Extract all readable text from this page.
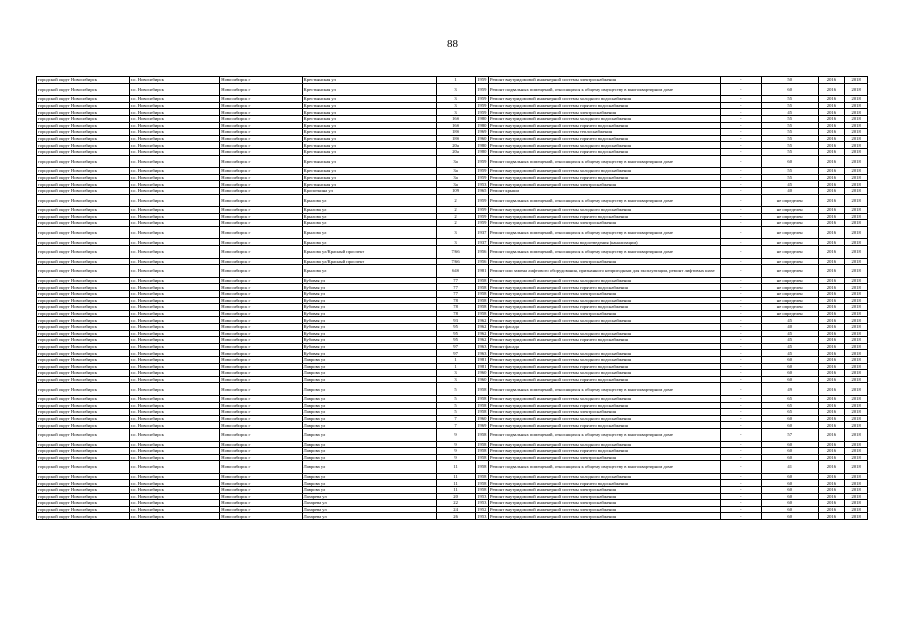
88
городской округ Новосибирск	г.о. Новосибирск	Новосибирск г	Крестьянская ул	1	1959	Ремонт внутридомовой инженерной системы электроснабжения	-	50	2016	2018
городской округ Новосибирск	г.о. Новосибирск	Новосибирск г	Крестьянская ул	3	1959	Ремонт подвальных помещений, относящихся к общему имуществу в многоквартирном доме	-	60	2016	2018
городской округ Новосибирск	г.о. Новосибирск	Новосибирск г	Крестьянская ул	3	1959	Ремонт внутридомовой инженерной системы холодного водоснабжения	-	55	2016	2018
городской округ Новосибирск	г.о. Новосибирск	Новосибирск г	Крестьянская ул	3	1959	Ремонт внутридомовой инженерной системы горячего водоснабжения	-	55	2016	2018
городской округ Новосибирск	г.о. Новосибирск	Новосибирск г	Крестьянская ул	3	1959	Ремонт внутридомовой инженерной системы электроснабжения	-	45	2016	2018
городской округ Новосибирск	г.о. Новосибирск	Новосибирск г	Крестьянская ул	16б	1980	Ремонт внутридомовой инженерной системы холодного водоснабжения	-	55	2016	2018
городской округ Новосибирск	г.о. Новосибирск	Новосибирск г	Крестьянская ул	16б	1980	Ремонт внутридомовой инженерной системы горячего водоснабжения	-	55	2016	2018
городской округ Новосибирск	г.о. Новосибирск	Новосибирск г	Крестьянская ул	18б	1969	Ремонт внутридомовой инженерной системы теплоснабжения	-	55	2016	2018
городской округ Новосибирск	г.о. Новосибирск	Новосибирск г	Крестьянская ул	18б	1960	Ремонт внутридомовой инженерной системы горячего водоснабжения	-	55	2016	2018
городской округ Новосибирск	г.о. Новосибирск	Новосибирск г	Крестьянская ул	20а	1980	Ремонт внутридомовой инженерной системы холодного водоснабжения	-	55	2016	2018
городской округ Новосибирск	г.о. Новосибирск	Новосибирск г	Крестьянская ул	20а	1980	Ремонт внутридомовой инженерной системы горячего водоснабжения	-	55	2016	2018
городской округ Новосибирск	г.о. Новосибирск	Новосибирск г	Крестьянская ул	3а	1959	Ремонт подвальных помещений, относящихся к общему имуществу в многоквартирном доме	-	60	2016	2018
городской округ Новосибирск	г.о. Новосибирск	Новосибирск г	Крестьянская ул	3а	1959	Ремонт внутридомовой инженерной системы холодного водоснабжения	-	55	2016	2018
городской округ Новосибирск	г.о. Новосибирск	Новосибирск г	Крестьянская ул	3а	1959	Ремонт внутридомовой инженерной системы горячего водоснабжения	-	55	2016	2018
городской округ Новосибирск	г.о. Новосибирск	Новосибирск г	Крестьянская ул	3а	1953	Ремонт внутридомовой инженерной системы электроснабжения	-	45	2016	2018
городской округ Новосибирск	г.о. Новосибирск	Новосибирск г	Кропоткина ул	109	1965	Ремонт крыши	-	40	2016	2018
городской округ Новосибирск	г.о. Новосибирск	Новосибирск г	Крылова ул	2	1959	Ремонт подвальных помещений, относящихся к общему имуществу в многоквартирном доме	-	не определен	2016	2018
городской округ Новосибирск	г.о. Новосибирск	Новосибирск г	Крылова ул	2	1959	Ремонт внутридомовой инженерной системы холодного водоснабжения	-	не определен	2016	2018
городской округ Новосибирск	г.о. Новосибирск	Новосибирск г	Крылова ул	2	1959	Ремонт внутридомовой инженерной системы горячего водоснабжения	-	не определен	2016	2018
городской округ Новосибирск	г.о. Новосибирск	Новосибирск г	Крылова ул	2	1959	Ремонт внутридомовой инженерной системы электроснабжения	-	не определен	2016	2018
городской округ Новосибирск	г.о. Новосибирск	Новосибирск г	Крылова ул	3	1937	Ремонт подвальных помещений, относящихся к общему имуществу в многоквартирном доме	-	не определен	2016	2018
городской округ Новосибирск	г.о. Новосибирск	Новосибирск г	Крылова ул	3	1937	Ремонт внутридомовой инженерной системы водоотведения (канализации)	-	не определен	2016	2018
городской округ Новосибирск	г.о. Новосибирск	Новосибирск г	Крылова ул/Красный проспект	7/66	1956	Ремонт подвальных помещений, относящихся к общему имуществу в многоквартирном доме	-	не определен	2016	2018
городской округ Новосибирск	г.о. Новосибирск	Новосибирск г	Крылова ул/Красный проспект	7/66	1956	Ремонт внутридомовой инженерной системы электроснабжения	-	не определен	2016	2018
городской округ Новосибирск	г.о. Новосибирск	Новосибирск г	Крылова ул	64б	1981	Ремонт или замена лифтового оборудования, признанного непригодным для эксплуатации, ремонт лифтовых шахт	-	не определен	2016	2018
городской округ Новосибирск	г.о. Новосибирск	Новосибирск г	Кубовая ул	77	1958	Ремонт внутридомовой инженерной системы холодного водоснабжения	-	не определен	2016	2018
городской округ Новосибирск	г.о. Новосибирск	Новосибирск г	Кубовая ул	77	1958	Ремонт внутридомовой инженерной системы горячего водоснабжения	-	не определен	2016	2018
городской округ Новосибирск	г.о. Новосибирск	Новосибирск г	Кубовая ул	77	1958	Ремонт внутридомовой инженерной системы электроснабжения	-	не определен	2016	2018
городской округ Новосибирск	г.о. Новосибирск	Новосибирск г	Кубовая ул	78	1958	Ремонт внутридомовой инженерной системы холодного водоснабжения	-	не определен	2016	2018
городской округ Новосибирск	г.о. Новосибирск	Новосибирск г	Кубовая ул	78	1958	Ремонт внутридомовой инженерной системы горячего водоснабжения	-	не определен	2016	2018
городской округ Новосибирск	г.о. Новосибирск	Новосибирск г	Кубовая ул	78	1958	Ремонт внутридомовой инженерной системы электроснабжения	-	не определен	2016	2018
городской округ Новосибирск	г.о. Новосибирск	Новосибирск г	Кубовая ул	93	1962	Ремонт внутридомовой инженерной системы холодного водоснабжения	-	45	2016	2018
городской округ Новосибирск	г.о. Новосибирск	Новосибирск г	Кубовая ул	95	1962	Ремонт фасада	-	40	2016	2018
городской округ Новосибирск	г.о. Новосибирск	Новосибирск г	Кубовая ул	95	1962	Ремонт внутридомовой инженерной системы холодного водоснабжения	-	45	2016	2018
городской округ Новосибирск	г.о. Новосибирск	Новосибирск г	Кубовая ул	95	1962	Ремонт внутридомовой инженерной системы горячего водоснабжения	-	45	2016	2018
городской округ Новосибирск	г.о. Новосибирск	Новосибирск г	Кубовая ул	97	1963	Ремонт фасада	-	45	2016	2018
городской округ Новосибирск	г.о. Новосибирск	Новосибирск г	Кубовая ул	97	1963	Ремонт внутридомовой инженерной системы холодного водоснабжения	-	45	2016	2018
городской округ Новосибирск	г.о. Новосибирск	Новосибирск г	Лаврова ул	1	1981	Ремонт внутридомовой инженерной системы холодного водоснабжения	-	60	2016	2018
городской округ Новосибирск	г.о. Новосибирск	Новосибирск г	Лаврова ул	1	1981	Ремонт внутридомовой инженерной системы горячего водоснабжения	-	60	2016	2018
городской округ Новосибирск	г.о. Новосибирск	Новосибирск г	Лаврова ул	3	1960	Ремонт внутридомовой инженерной системы холодного водоснабжения	-	60	2016	2018
городской округ Новосибирск	г.о. Новосибирск	Новосибирск г	Лаврова ул	3	1960	Ремонт внутридомовой инженерной системы горячего водоснабжения	-	60	2016	2018
городской округ Новосибирск	г.о. Новосибирск	Новосибирск г	Лаврова ул	5	1958	Ремонт подвальных помещений, относящихся к общему имуществу в многоквартирном доме	-	49	2016	2018
городской округ Новосибирск	г.о. Новосибирск	Новосибирск г	Лаврова ул	5	1958	Ремонт внутридомовой инженерной системы холодного водоснабжения	-	65	2016	2018
городской округ Новосибирск	г.о. Новосибирск	Новосибирск г	Лаврова ул	5	1958	Ремонт внутридомовой инженерной системы горячего водоснабжения	-	65	2016	2018
городской округ Новосибирск	г.о. Новосибирск	Новосибирск г	Лаврова ул	5	1958	Ремонт внутридомовой инженерной системы электроснабжения	-	65	2016	2018
городской округ Новосибирск	г.о. Новосибирск	Новосибирск г	Лаврова ул	7	1960	Ремонт внутридомовой инженерной системы холодного водоснабжения	-	60	2016	2018
городской округ Новосибирск	г.о. Новосибирск	Новосибирск г	Лаврова ул	7	1969	Ремонт внутридомовой инженерной системы горячего водоснабжения	-	60	2016	2018
городской округ Новосибирск	г.о. Новосибирск	Новосибирск г	Лаврова ул	9	1958	Ремонт подвальных помещений, относящихся к общему имуществу в многоквартирном доме	-	57	2016	2018
городской округ Новосибирск	г.о. Новосибирск	Новосибирск г	Лаврова ул	9	1958	Ремонт внутридомовой инженерной системы холодного водоснабжения	-	60	2016	2018
городской округ Новосибирск	г.о. Новосибирск	Новосибирск г	Лаврова ул	9	1958	Ремонт внутридомовой инженерной системы горячего водоснабжения	-	60	2016	2018
городской округ Новосибирск	г.о. Новосибирск	Новосибирск г	Лаврова ул	9	1958	Ремонт внутридомовой инженерной системы электроснабжения	-	60	2016	2018
городской округ Новосибирск	г.о. Новосибирск	Новосибирск г	Лаврова ул	11	1958	Ремонт подвальных помещений, относящихся к общему имуществу в многоквартирном доме	-	41	2016	2018
городской округ Новосибирск	г.о. Новосибирск	Новосибирск г	Лаврова ул	11	1958	Ремонт внутридомовой инженерной системы холодного водоснабжения	-	60	2016	2018
городской округ Новосибирск	г.о. Новосибирск	Новосибирск г	Лаврова ул	11	1958	Ремонт внутридомовой инженерной системы горячего водоснабжения	-	60	2016	2018
городской округ Новосибирск	г.о. Новосибирск	Новосибирск г	Лаврова ул	11	1958	Ремонт внутридомовой инженерной системы электроснабжения	-	60	2016	2018
городской округ Новосибирск	г.о. Новосибирск	Новосибирск г	Лазарева ул	20	1953	Ремонт внутридомовой инженерной системы электроснабжения	-	60	2016	2018
городской округ Новосибирск	г.о. Новосибирск	Новосибирск г	Лазарева ул	22	1953	Ремонт внутридомовой инженерной системы электроснабжения	-	60	2016	2018
городской округ Новосибирск	г.о. Новосибирск	Новосибирск г	Лазарева ул	24	1952	Ремонт внутридомовой инженерной системы электроснабжения	-	60	2016	2018
городской округ Новосибирск	г.о. Новосибирск	Новосибирск г	Лазарева ул	26	1953	Ремонт внутридомовой инженерной системы электроснабжения	-	60	2016	2018
